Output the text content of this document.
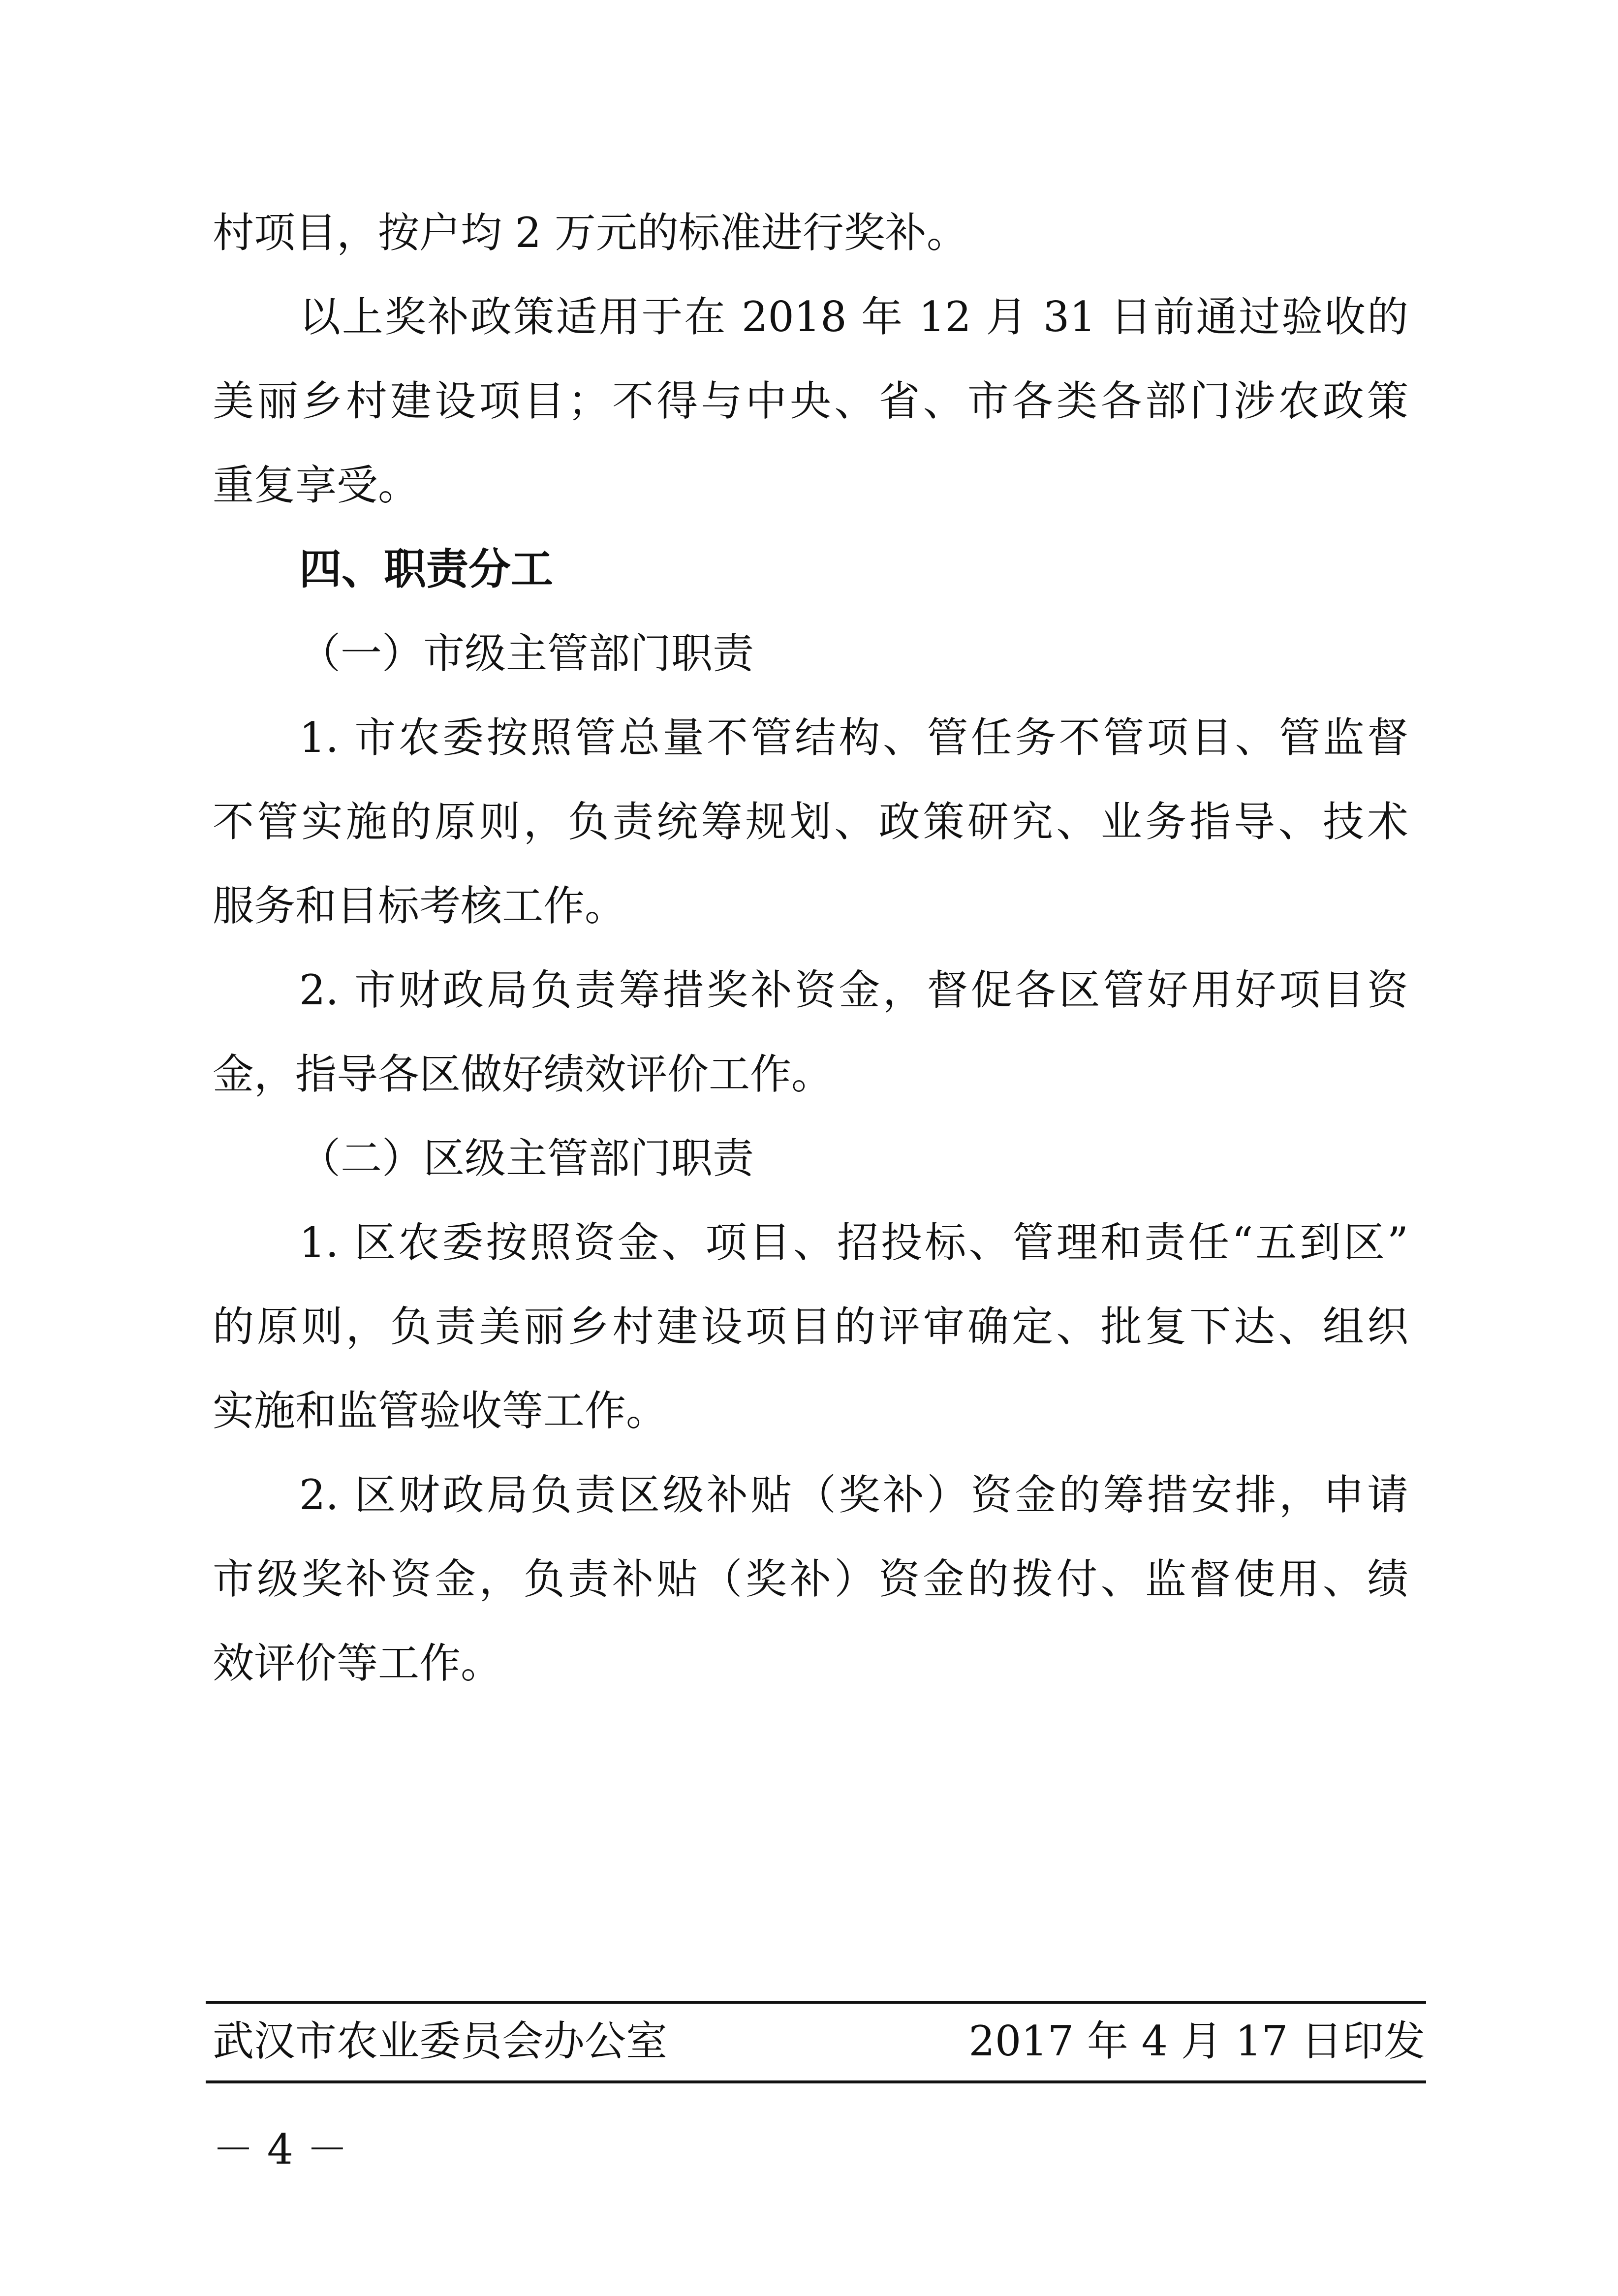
村项目，按户均 2 万元的标准进行奖补。
以上奖补政策适用于在 2018 年 12 月 31 日前通过验收的
美丽乡村建设项目；不得与中央、省、市各类各部门涉农政策
重复享受。
四、职责分工
（一）市级主管部门职责
1. 市农委按照管总量不管结构、管任务不管项目、管监督
不管实施的原则，负责统筹规划、政策研究、业务指导、技术
服务和目标考核工作。
2. 市财政局负责筹措奖补资金，督促各区管好用好项目资
金，指导各区做好绩效评价工作。
（二）区级主管部门职责
1. 区农委按照资金、项目、招投标、管理和责任“五到区”
的原则，负责美丽乡村建设项目的评审确定、批复下达、组织
实施和监管验收等工作。
2. 区财政局负责区级补贴（奖补）资金的筹措安排，申请
市级奖补资金，负责补贴（奖补）资金的拨付、监督使用、绩
效评价等工作。
武汉市农业委员会办公室	2017 年 4 月 17 日印发
－ 4 －
